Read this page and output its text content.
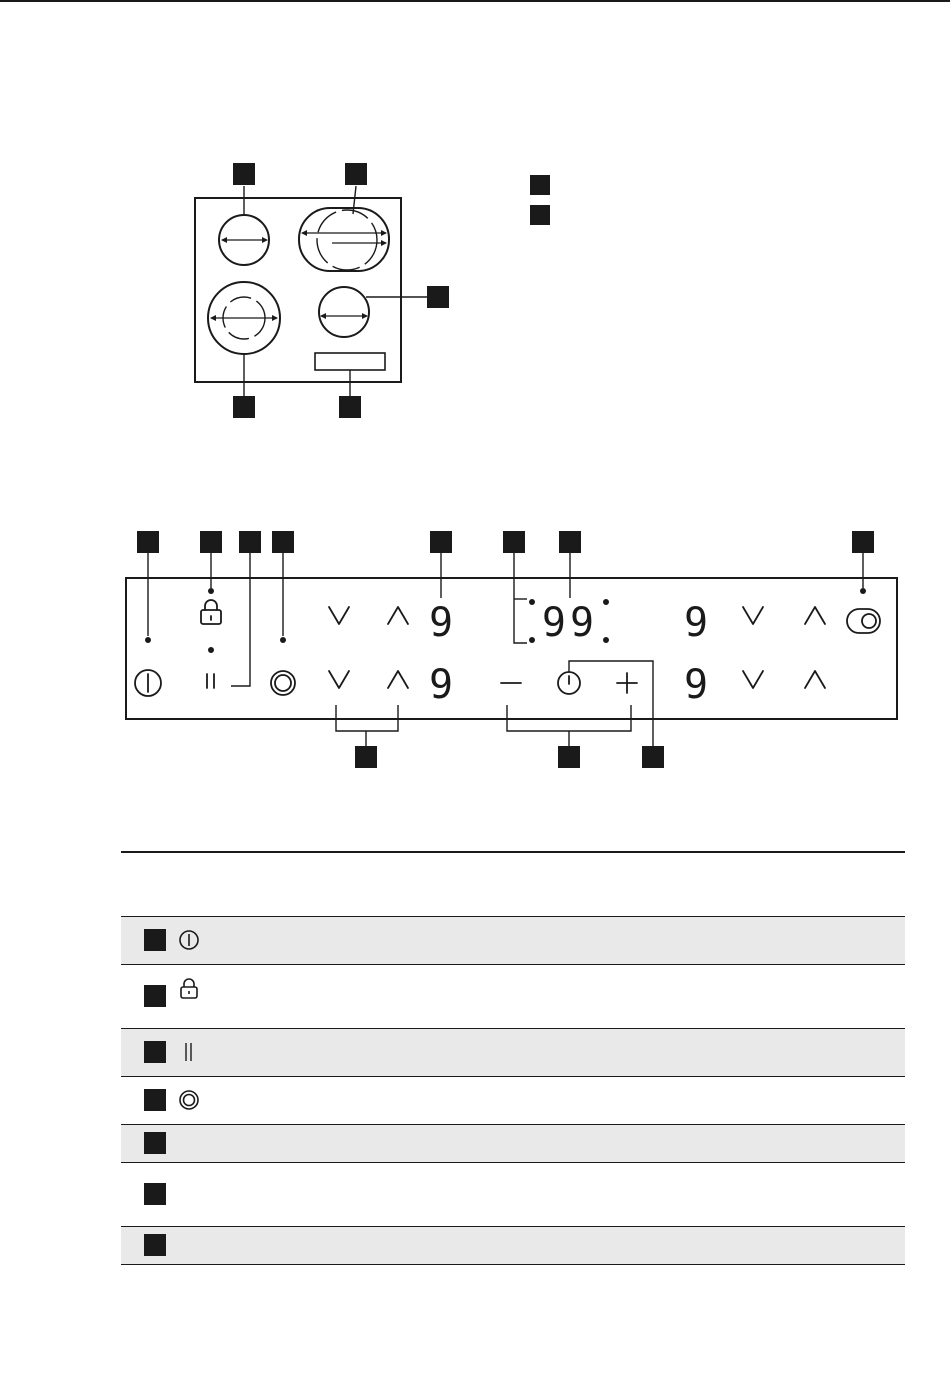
9
9
99 9
9
